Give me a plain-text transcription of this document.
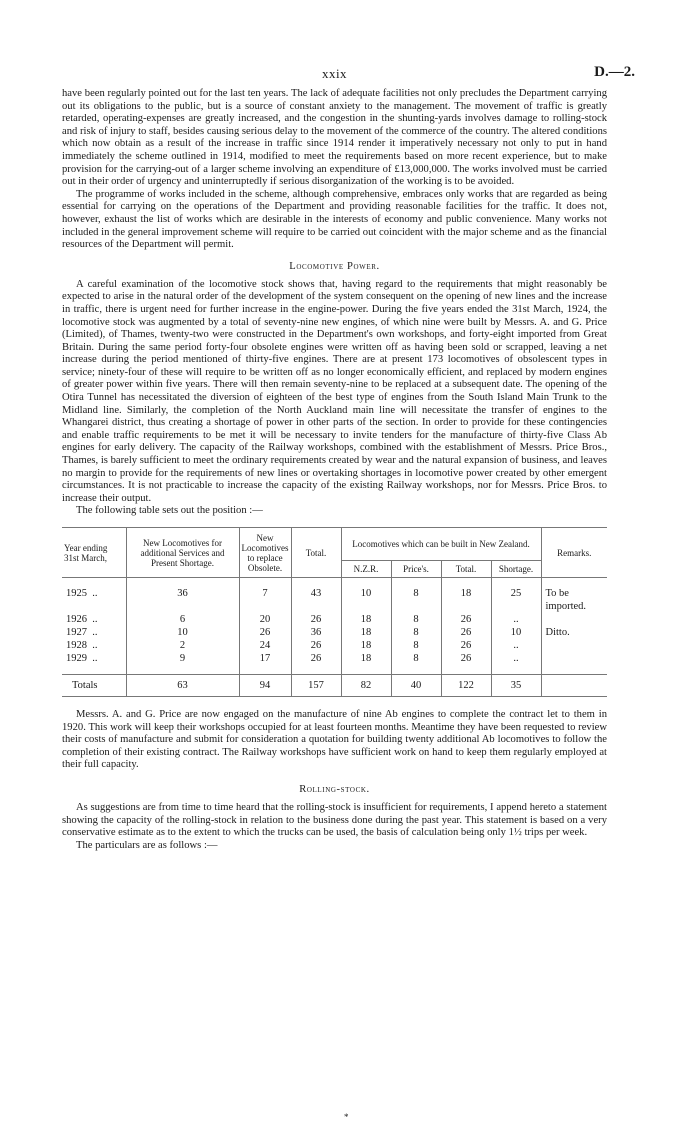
xxix	D.—2.

have been regularly pointed out for the last ten years. The lack of adequate facilities not only precludes the Department carrying out its obligations to the public, but is a source of constant anxiety to the management. The movement of traffic is greatly retarded, operating-expenses are greatly increased, and the congestion in the shunting-yards involves damage to rolling-stock and risk of injury to staff, besides causing serious delay to the movement of the commerce of the country. The altered conditions which now obtain as a result of the increase in traffic since 1914 render it imperatively necessary not only to put in hand immediately the scheme outlined in 1914, modified to meet the requirements based on more recent experience, but to make provision for the carrying-out of a larger scheme involving an expenditure of £13,000,000. The works involved must be carried out in their order of urgency and uninterruptedly if serious disorganization of the working is to be avoided.

The programme of works included in the scheme, although comprehensive, embraces only works that are regarded as being essential for carrying on the operations of the Department and providing reasonable facilities for the traffic. It does not, however, exhaust the list of works which are desirable in the interests of economy and public convenience. Many works not included in the general improvement scheme will require to be carried out coincident with the major scheme and as the financial resources of the Department will permit.

Locomotive Power.

A careful examination of the locomotive stock shows that, having regard to the requirements that might reasonably be expected to arise in the natural order of the development of the system consequent on the opening of new lines and the increase in traffic, there is urgent need for further increase in the engine-power. During the five years ended the 31st March, 1924, the locomotive stock was augmented by a total of seventy-nine new engines, of which nine were built by Messrs. A. and G. Price (Limited), of Thames, twenty-two were constructed in the Department's own workshops, and forty-eight imported from Great Britain. During the same period forty-four obsolete engines were written off as having been sold or scrapped, leaving a net increase during the period mentioned of thirty-five engines. There are at present 173 locomotives of obsolescent types in service; ninety-four of these will require to be written off as no longer economically efficient, and replaced by modern engines of greater power within five years. There will then remain seventy-nine to be replaced at a subsequent date. The opening of the Otira Tunnel has necessitated the diversion of eighteen of the best type of engines from the South Island Main Trunk to the Midland line. Similarly, the completion of the North Auckland main line will necessitate the transfer of engines to the Whangarei district, thus creating a shortage of power in other parts of the section. In order to provide for these contingencies and enable traffic requirements to be met it will be necessary to invite tenders for the manufacture of thirty-five Class Ab engines for early delivery. The capacity of the Railway workshops, combined with the establishment of Messrs. Price Bros., Thames, is barely sufficient to meet the ordinary requirements created by wear and the natural expansion of business, and leaves no margin to provide for the requirements of new lines or overtaking shortages in locomotive power created by other emergent circumstances. It is not practicable to increase the capacity of the existing Railway workshops, nor for Messrs. Price Bros. to increase their output.

The following table sets out the position :—

Year ending 31st March,	New Locomotives for additional Services and Present Shortage.	New Locomotives to replace Obsolete.	Total.	Locomotives which can be built in New Zealand.				Remarks.
				N.Z.R.	Price's.	Total.	Shortage.	

1925 ..	36	7	43	10	8	18	25	To be imported.
1926 ..	6	20	26	18	8	26	..	
1927 ..	10	26	36	18	8	26	10	Ditto.
1928 ..	2	24	26	18	8	26	..	
1929 ..	9	17	26	18	8	26	..	

Totals	63	94	157	82	40	122	35	

Messrs. A. and G. Price are now engaged on the manufacture of nine Ab engines to complete the contract let to them in 1920. This work will keep their workshops occupied for at least fourteen months. Meantime they have been requested to review their costs of manufacture and submit for consideration a quotation for building twenty additional Ab locomotives to follow the completion of their existing contract. The Railway workshops have sufficient work on hand to keep them regularly employed at their full capacity.

Rolling-stock.

As suggestions are from time to time heard that the rolling-stock is insufficient for requirements, I append hereto a statement showing the capacity of the rolling-stock in relation to the business done during the past year. This statement is based on a very conservative estimate as to the extent to which the trucks can be used, the basis of calculation being only 1½ trips per week.

The particulars are as follows :—

*
